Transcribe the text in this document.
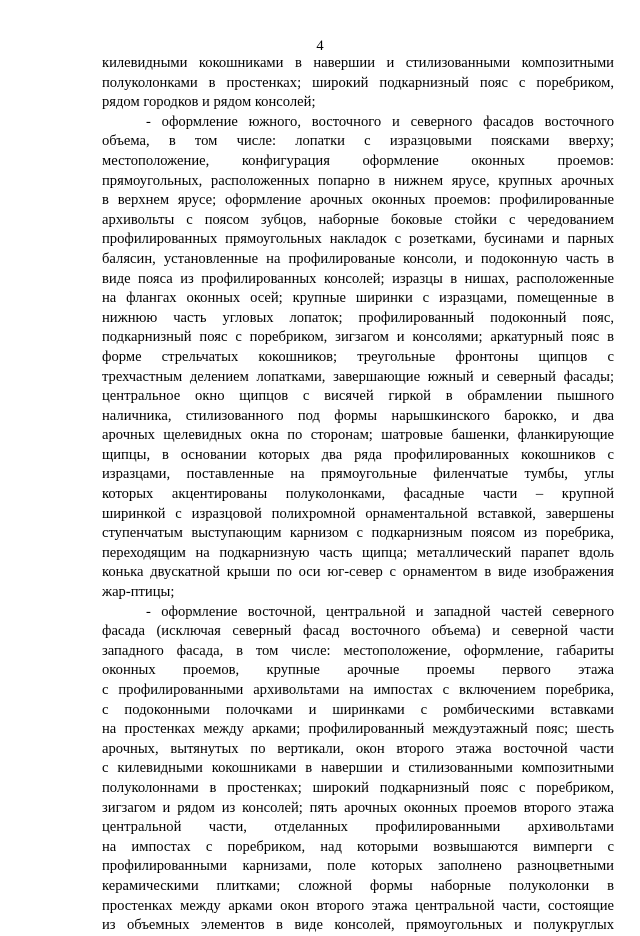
4
килевидными кокошниками в навершии и стилизованными композитными
полуколонками в простенках; широкий подкарнизный пояс с поребриком,
рядом городков и рядом консолей;
- оформление южного, восточного и северного фасадов восточного
объема, в том числе: лопатки с изразцовыми поясками вверху;
местоположение, конфигурация оформление оконных проемов:
прямоугольных, расположенных попарно в нижнем ярусе, крупных арочных
в верхнем ярусе; оформление арочных оконных проемов: профилированные
архивольты с поясом зубцов, наборные боковые стойки с чередованием
профилированных прямоугольных накладок с розетками, бусинами и парных
балясин, установленные на профилированые консоли, и подоконную часть в
виде пояса из профилированных консолей; изразцы в нишах, расположенные
на флангах оконных осей; крупные ширинки с изразцами, помещенные в
нижнюю часть угловых лопаток; профилированный подоконный пояс,
подкарнизный пояс с поребриком, зигзагом и консолями; аркатурный пояс в
форме стрельчатых кокошников; треугольные фронтоны щипцов с
трехчастным делением лопатками, завершающие южный и северный фасады;
центральное окно щипцов с висячей гиркой в обрамлении пышного
наличника, стилизованного под формы нарышкинского барокко, и два
арочных щелевидных окна по сторонам; шатровые башенки, фланкирующие
щипцы, в основании которых два ряда профилированных кокошников с
изразцами, поставленные на прямоугольные филенчатые тумбы, углы
которых акцентированы полуколонками, фасадные части – крупной
ширинкой с изразцовой полихромной орнаментальной вставкой, завершены
ступенчатым выступающим карнизом с подкарнизным поясом из поребрика,
переходящим на подкарнизную часть щипца; металлический парапет вдоль
конька двускатной крыши по оси юг-север с орнаментом в виде изображения
жар-птицы;
- оформление восточной, центральной и западной частей северного
фасада (исключая северный фасад восточного объема) и северной части
западного фасада, в том числе: местоположение, оформление, габариты
оконных проемов, крупные арочные проемы первого этажа
с профилированными архивольтами на импостах с включением поребрика,
с подоконными полочками и ширинками с ромбическими вставками
на простенках между арками; профилированный междуэтажный пояс; шесть
арочных, вытянутых по вертикали, окон второго этажа восточной части
с килевидными кокошниками в навершии и стилизованными композитными
полуколоннами в простенках; широкий подкарнизный пояс с поребриком,
зигзагом и рядом из консолей; пять арочных оконных проемов второго этажа
центральной части, отделанных профилированными архивольтами
на импостах с поребриком, над которыми возвышаются вимперги с
профилированными карнизами, поле которых заполнено разноцветными
керамическими плитками; сложной формы наборные полуколонки в
простенках между арками окон второго этажа центральной части, состоящие
из объемных элементов в виде консолей, прямоугольных и полукруглых
